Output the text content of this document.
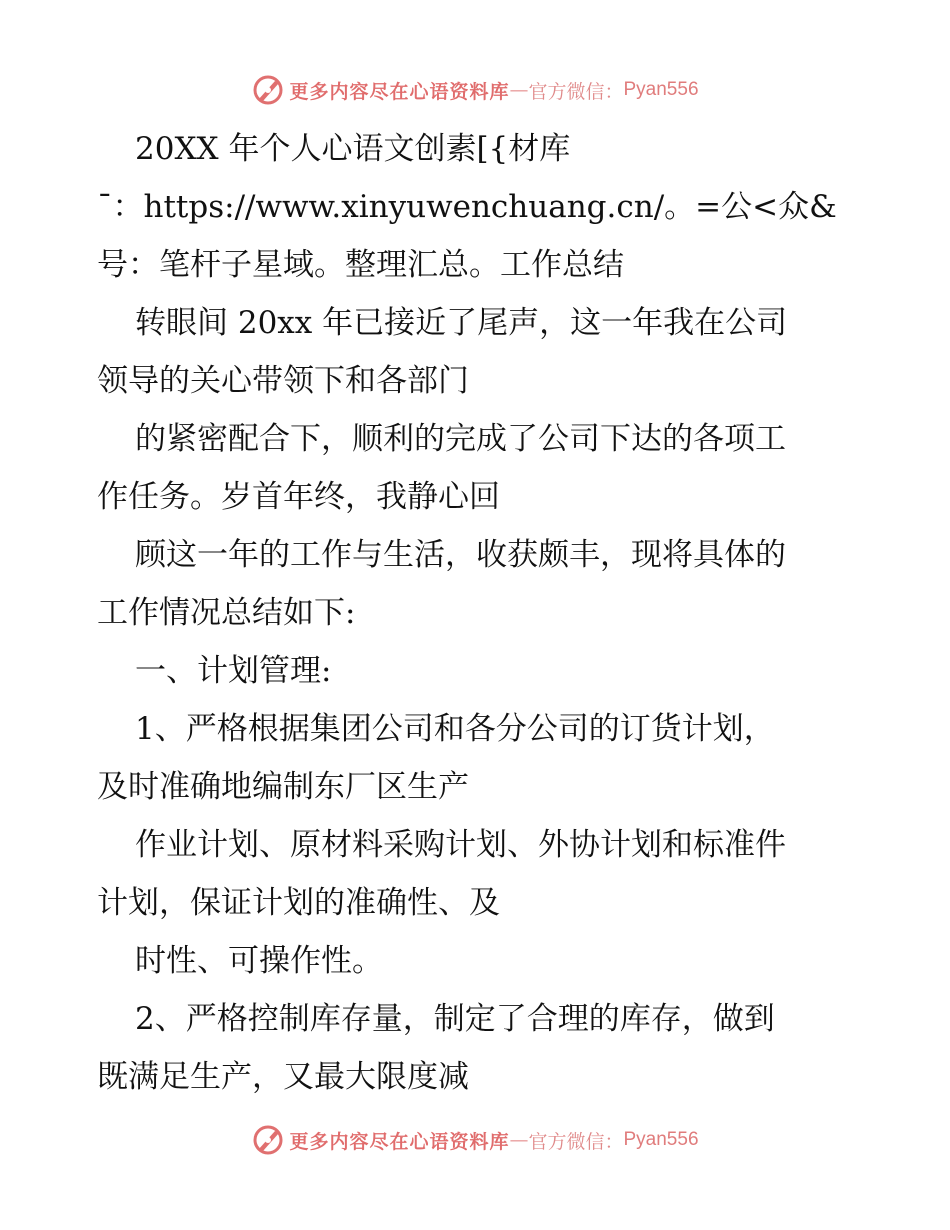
更多内容尽在心语资料库 — 官方微信： Pyan556
20XX 年个人心语文创素[{材库
ˉ：https://www.xinyuwenchuang.cn/。=公<众&
号：笔杆子星域。整理汇总。工作总结
转眼间 20xx 年已接近了尾声，这一年我在公司
领导的关心带领下和各部门
的紧密配合下，顺利的完成了公司下达的各项工
作任务。岁首年终，我静心回
顾这一年的工作与生活，收获颇丰，现将具体的
工作情况总结如下:
一、计划管理:
1、严格根据集团公司和各分公司的订货计划，
及时准确地编制东厂区生产
作业计划、原材料采购计划、外协计划和标准件
计划，保证计划的准确性、及
时性、可操作性。
2、严格控制库存量，制定了合理的库存，做到
既满足生产，又最大限度减
更多内容尽在心语资料库 — 官方微信： Pyan556
